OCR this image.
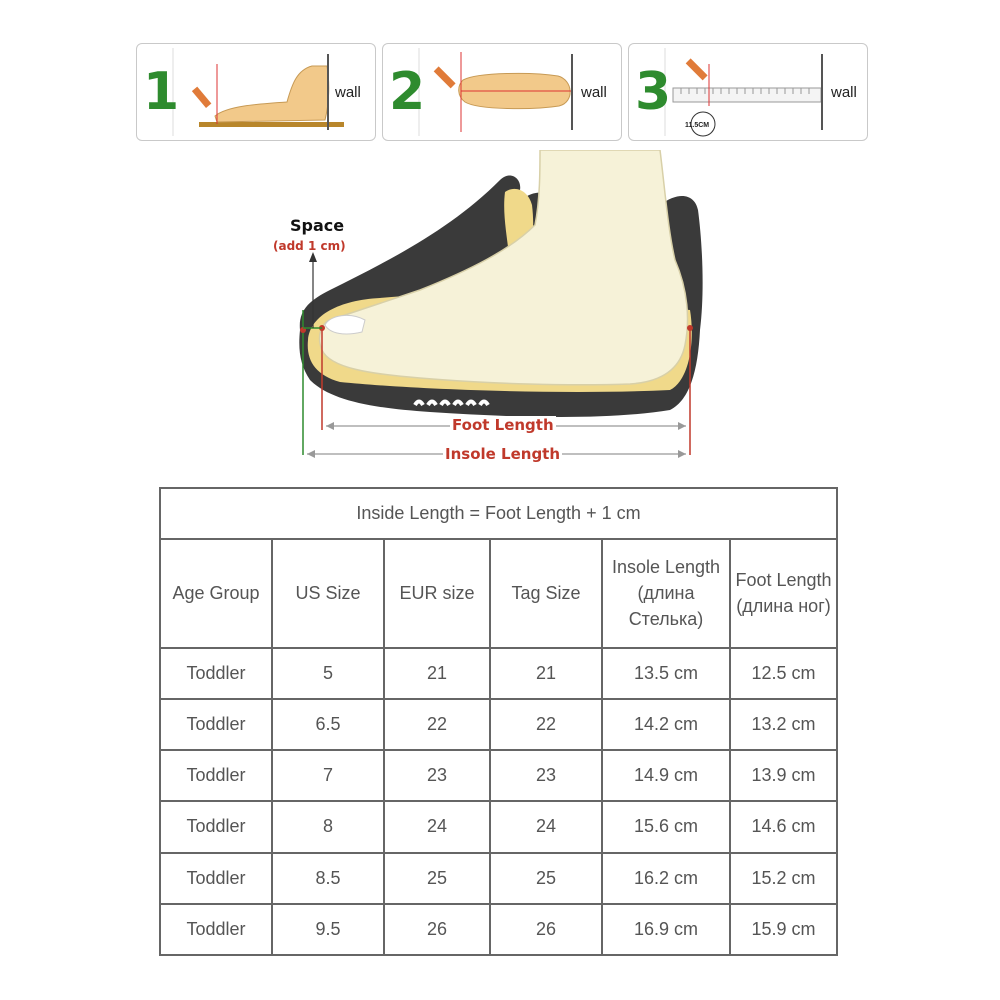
1	wall 2	wall 3	wall
11.5CM
Space
(add 1 cm)
Foot Length
Insole Length
Inside Length = Foot Length + 1 cm					
Age Group	US Size	EUR size	Tag Size	Insole Length
(длина
Стелька)	Foot Length
(длина ног)
Toddler	5	21	21	13.5 cm	12.5 cm
Toddler	6.5	22	22	14.2 cm	13.2 cm
Toddler	7	23	23	14.9 cm	13.9 cm
Toddler	8	24	24	15.6 cm	14.6 cm
Toddler	8.5	25	25	16.2 cm	15.2 cm
Toddler	9.5	26	26	16.9 cm	15.9 cm
